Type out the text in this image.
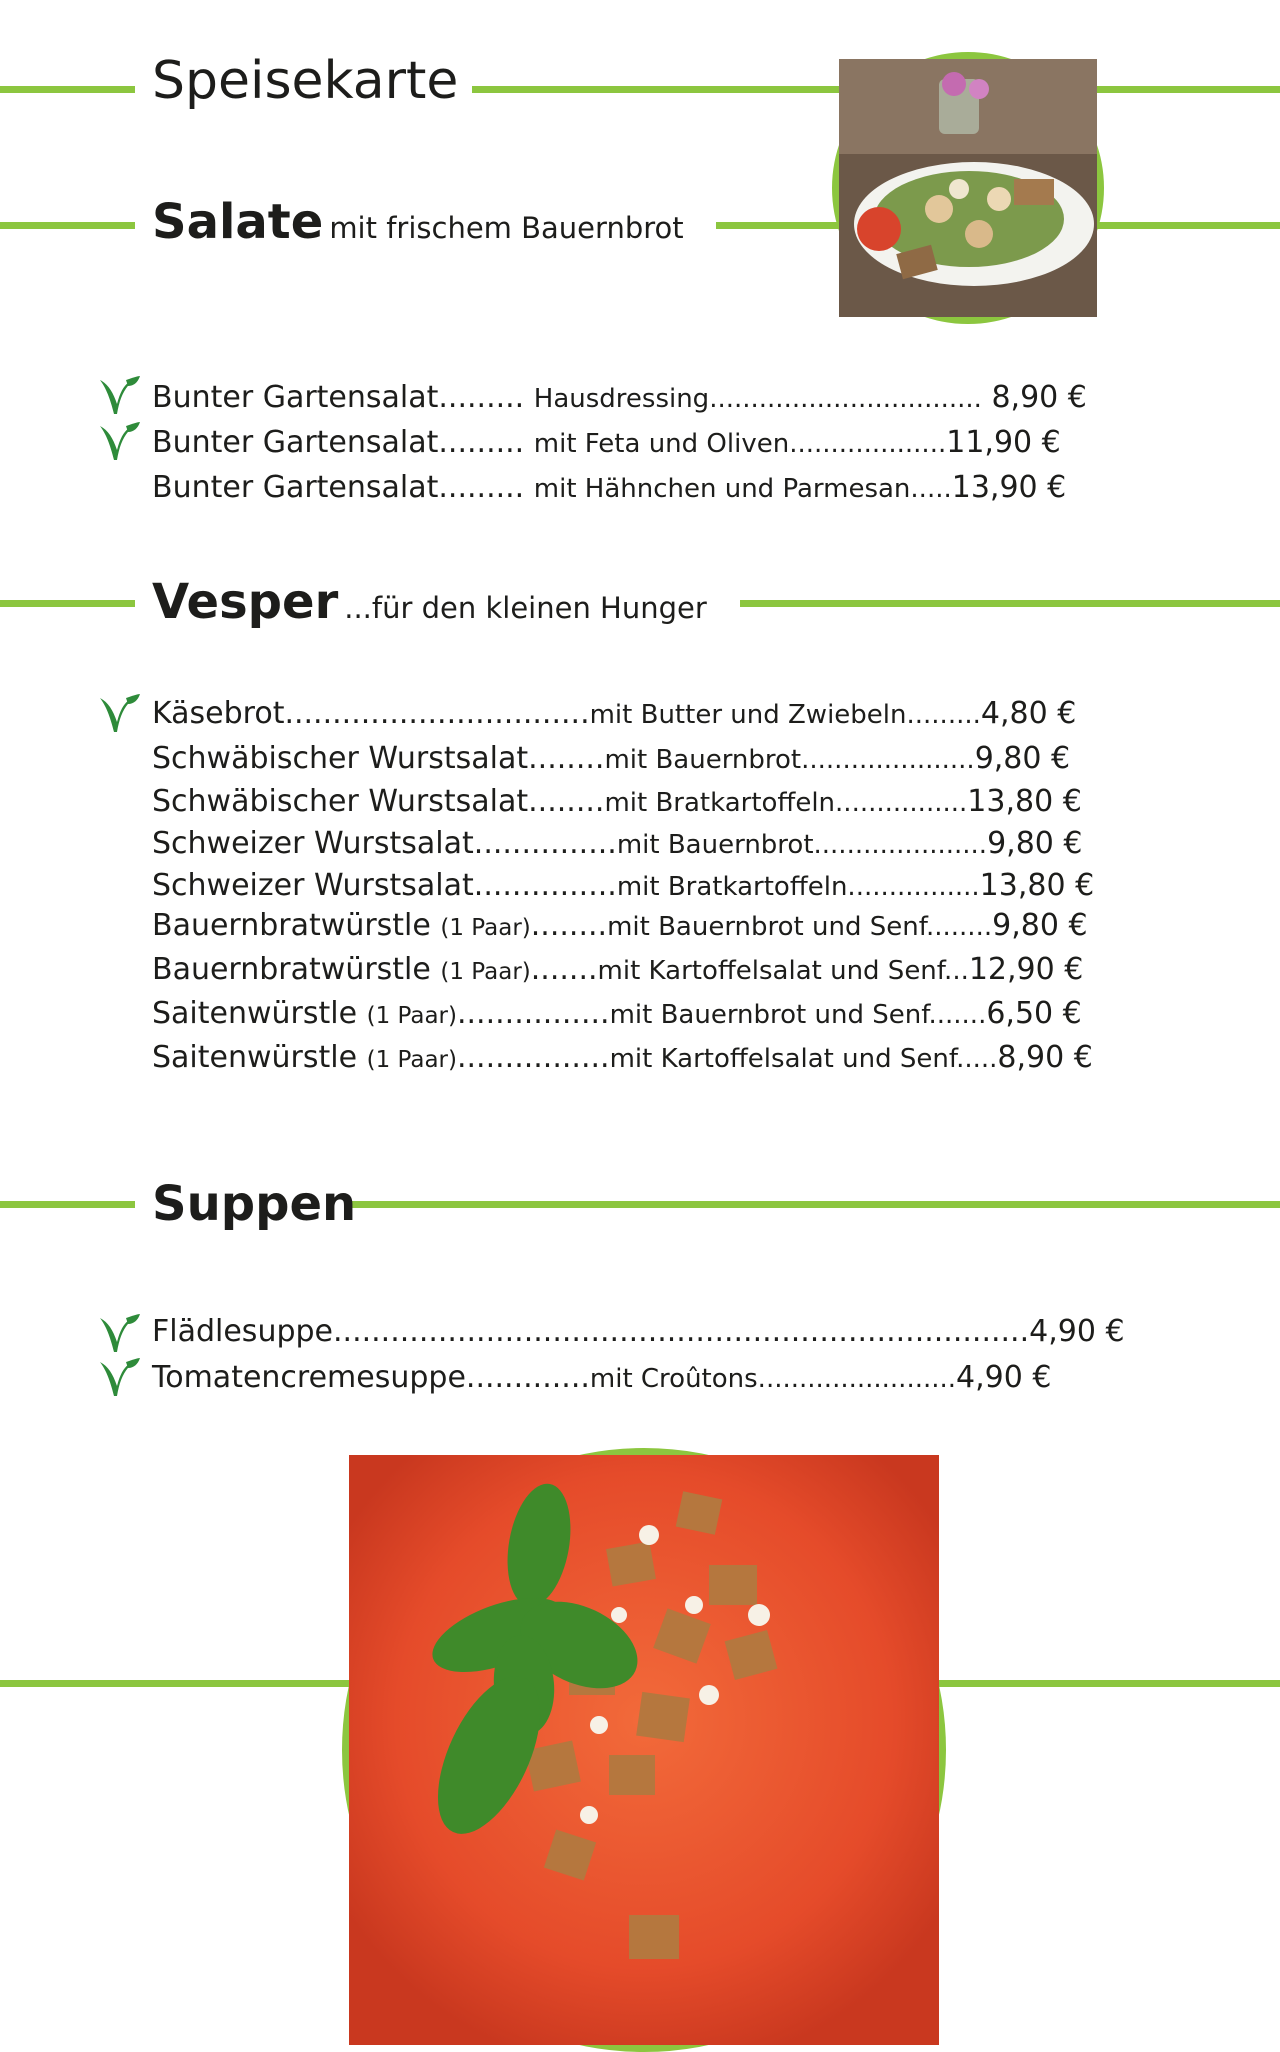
Speisekarte
Salate mit frischem Bauernbrot
Bunter Gartensalat......... Hausdressing................................. 8,90 €
Bunter Gartensalat......... mit Feta und Oliven...................11,90 €
Bunter Gartensalat......... mit Hähnchen und Parmesan.....13,90 €
Vesper ...für den kleinen Hunger
Käsebrot................................mit Butter und Zwiebeln.........4,80 €
Schwäbischer Wurstsalat........mit Bauernbrot.....................9,80 €
Schwäbischer Wurstsalat........mit Bratkartoffeln................13,80 €
Schweizer Wurstsalat...............mit Bauernbrot.....................9,80 €
Schweizer Wurstsalat...............mit Bratkartoffeln................13,80 €
Bauernbratwürstle (1 Paar)........mit Bauernbrot und Senf........9,80 €
Bauernbratwürstle (1 Paar).......mit Kartoffelsalat und Senf...12,90 €
Saitenwürstle (1 Paar)................mit Bauernbrot und Senf.......6,50 €
Saitenwürstle (1 Paar)................mit Kartoffelsalat und Senf.....8,90 €
Suppen
Flädlesuppe.........................................................................4,90 €
Tomatencremesuppe.............mit Croûtons........................4,90 €
